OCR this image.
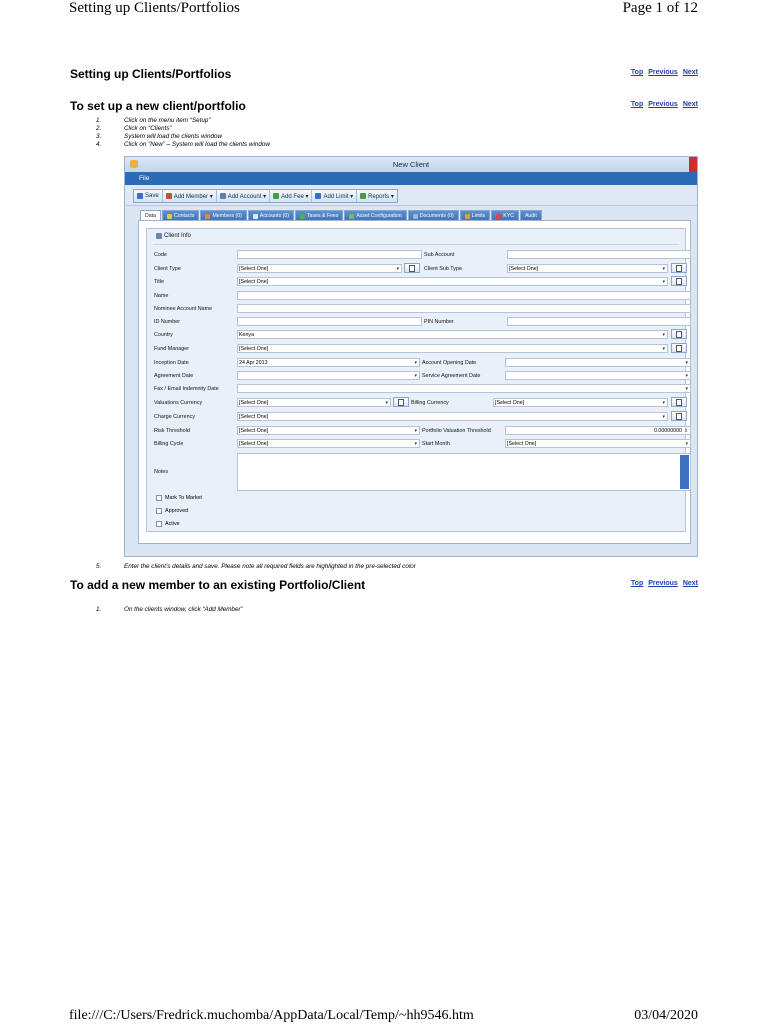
Setting up Clients/Portfolios	Page 1 of 12
file:///C:/Users/Fredrick.muchomba/AppData/Local/Temp/~hh9546.htm	03/04/2020
Setting up Clients/Portfolios	Top Previous Next
To set up a new client/portfolio	Top Previous Next
1.	Click on the menu item “Setup”
2.	Click on “Clients”
3.	System will load the clients window
4.	Click on “New” – System will load the clients window
New Client
File
Save	Add Member ▾	Add Account ▾	Add Fee ▾	Add Limit ▾	Reports ▾
Data	Contacts	Members (0)	Accounts (0)	Taxes & Fees	Asset Configuration	Documents (0)	Limits	KYC	Audit
Client Info
Code	Sub Account
Client Type	[Select One]	▾	Client Sub Type	[Select One]	▾
Title	[Select One]	▾
Name
Nominee Account Name
ID Number	PIN Number
Country	Kenya	▾
Fund Manager	[Select One]	▾
Inception Date	24 Apr 2013	▾ Account Opening Date	▾
Agreement Date	▾ Service Agreement Date	▾
Fax / Email Indemnity Date	▾
Valuations Currency	[Select One]	▾	Billing Currency	[Select One]	▾
Charge Currency	[Select One]	▾
Risk Threshold	[Select One]	▾ Portfolio Valuation Threshold	0.00000000 ⇕
Billing Cycle	[Select One]	▾ Start Month	[Select One]	▾
Notes
Mark To Market
Approved
Active
5.	Enter the client’s details and save. Please note all required fields are highlighted in the pre-selected color
To add a new member to an existing Portfolio/Client	Top Previous Next
1.	On the clients window, click “Add Member”
